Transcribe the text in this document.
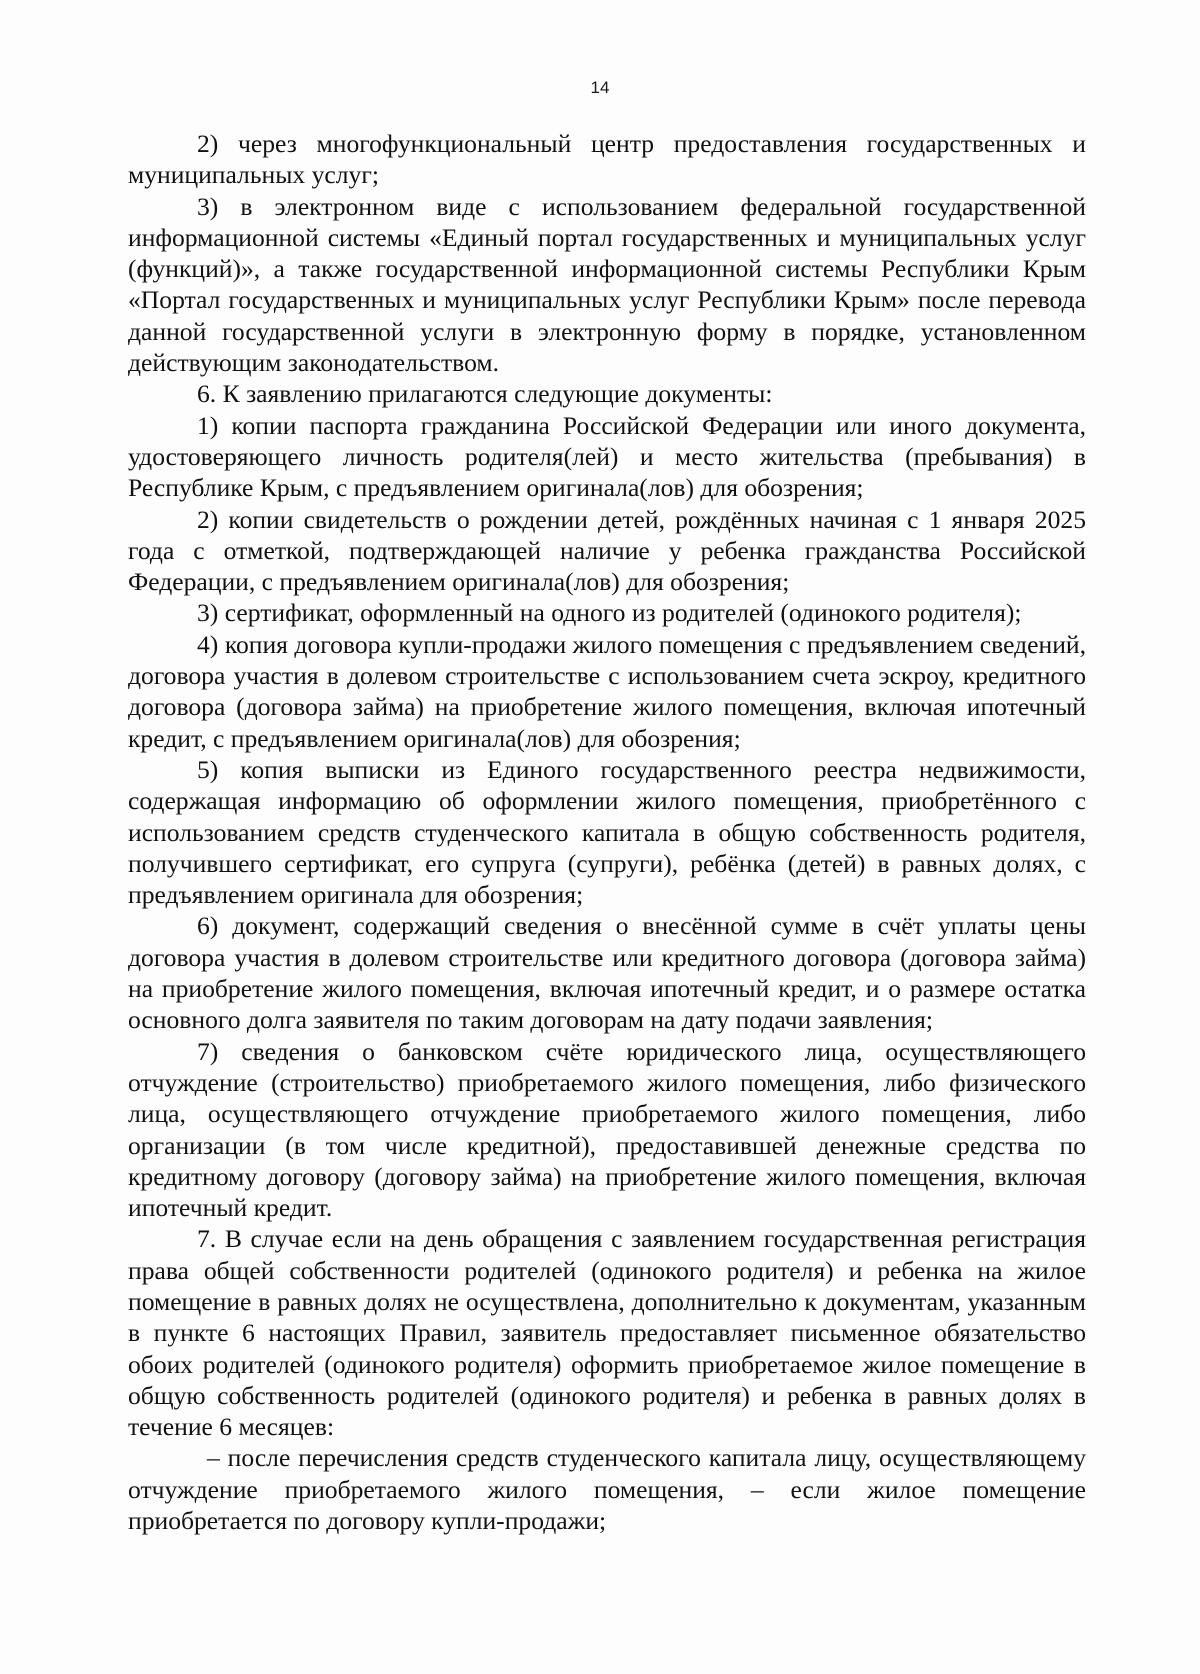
14

2) через многофункциональный центр предоставления государственных и муниципальных услуг;

3) в электронном виде с использованием федеральной государственной информационной системы «Единый портал государственных и муниципальных услуг (функций)», а также государственной информационной системы Республики Крым «Портал государственных и муниципальных услуг Республики Крым» после перевода данной государственной услуги в электронную форму в порядке, установленном действующим законодательством.

6. К заявлению прилагаются следующие документы:

1) копии паспорта гражданина Российской Федерации или иного документа, удостоверяющего личность родителя(лей) и место жительства (пребывания) в Республике Крым, с предъявлением оригинала(лов) для обозрения;

2) копии свидетельств о рождении детей, рождённых начиная с 1 января 2025 года с отметкой, подтверждающей наличие у ребенка гражданства Российской Федерации, с предъявлением оригинала(лов) для обозрения;

3) сертификат, оформленный на одного из родителей (одинокого родителя);

4) копия договора купли-продажи жилого помещения с предъявлением сведений, договора участия в долевом строительстве с использованием счета эскроу, кредитного договора (договора займа) на приобретение жилого помещения, включая ипотечный кредит, с предъявлением оригинала(лов) для обозрения;

5) копия выписки из Единого государственного реестра недвижимости, содержащая информацию об оформлении жилого помещения, приобретённого с использованием средств студенческого капитала в общую собственность родителя, получившего сертификат, его супруга (супруги), ребёнка (детей) в равных долях, с предъявлением оригинала для обозрения;

6) документ, содержащий сведения о внесённой сумме в счёт уплаты цены договора участия в долевом строительстве или кредитного договора (договора займа) на приобретение жилого помещения, включая ипотечный кредит, и о размере остатка основного долга заявителя по таким договорам на дату подачи заявления;

7) сведения о банковском счёте юридического лица, осуществляющего отчуждение (строительство) приобретаемого жилого помещения, либо физического лица, осуществляющего отчуждение приобретаемого жилого помещения, либо организации (в том числе кредитной), предоставившей денежные средства по кредитному договору (договору займа) на приобретение жилого помещения, включая ипотечный кредит.

7. В случае если на день обращения с заявлением государственная регистрация права общей собственности родителей (одинокого родителя) и ребенка на жилое помещение в равных долях не осуществлена, дополнительно к документам, указанным в пункте 6 настоящих Правил, заявитель предоставляет письменное обязательство обоих родителей (одинокого родителя) оформить приобретаемое жилое помещение в общую собственность родителей (одинокого родителя) и ребенка в равных долях в течение 6 месяцев:

– после перечисления средств студенческого капитала лицу, осуществляющему отчуждение приобретаемого жилого помещения, – если жилое помещение приобретается по договору купли-продажи;
